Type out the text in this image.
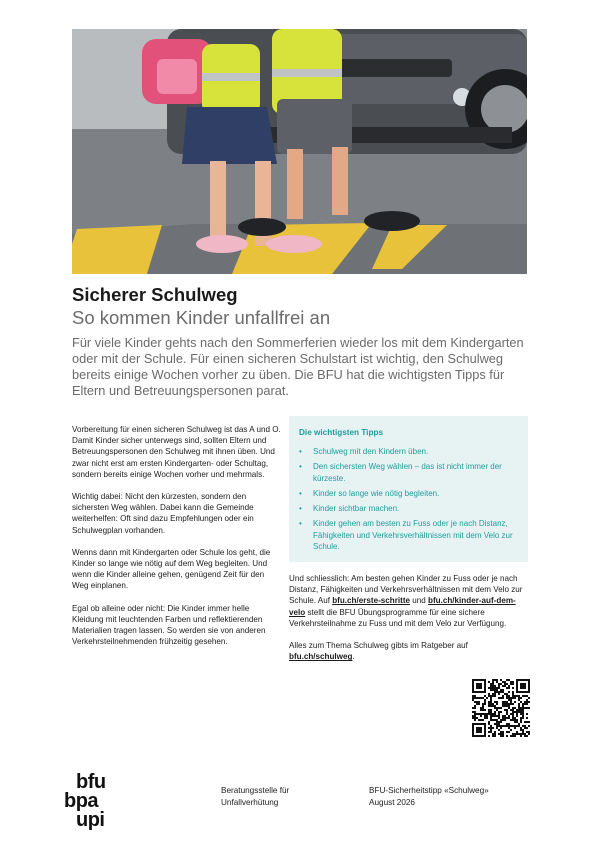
Sicherer Schulweg
So kommen Kinder unfallfrei an

Für viele Kinder gehts nach den Sommerferien wieder los mit dem Kindergarten oder mit der Schule. Für einen sicheren Schulstart ist wichtig, den Schulweg bereits einige Wochen vorher zu üben. Die BFU hat die wichtigsten Tipps für Eltern und Betreuungspersonen parat.

Vorbereitung für einen sicheren Schulweg ist das A und O. Damit Kinder sicher unterwegs sind, sollten Eltern und Betreuungspersonen den Schulweg mit ihnen üben. Und zwar nicht erst am ersten Kindergarten- oder Schultag, sondern bereits einige Wochen vorher und mehrmals.

Wichtig dabei: Nicht den kürzesten, sondern den sichersten Weg wählen. Dabei kann die Gemeinde weiterhelfen: Oft sind dazu Empfehlungen oder ein Schulwegplan vorhanden.

Wenns dann mit Kindergarten oder Schule los geht, die Kinder so lange wie nötig auf dem Weg begleiten. Und wenn die Kinder alleine gehen, genügend Zeit für den Weg einplanen.

Egal ob alleine oder nicht: Die Kinder immer helle Kleidung mit leuchtenden Farben und reflektierenden Materialien tragen lassen. So werden sie von anderen Verkehrsteilnehmenden frühzeitig gesehen.

Die wichtigsten Tipps
• Schulweg mit den Kindern üben.
• Den sichersten Weg wählen – das ist nicht immer der kürzeste.
• Kinder so lange wie nötig begleiten.
• Kinder sichtbar machen.
• Kinder gehen am besten zu Fuss oder je nach Distanz, Fähigkeiten und Verkehrsverhältnissen mit dem Velo zur Schule.

Und schliesslich: Am besten gehen Kinder zu Fuss oder je nach Distanz, Fähigkeiten und Verkehrsverhältnissen mit dem Velo zur Schule. Auf bfu.ch/erste-schritte und bfu.ch/kinder-auf-dem-velo stellt die BFU Übungsprogramme für eine sichere Verkehrsteilnahme zu Fuss und mit dem Velo zur Verfügung.

Alles zum Thema Schulweg gibts im Ratgeber auf bfu.ch/schulweg.

bfu
bpa
upi
Beratungsstelle für
Unfallverhütung
BFU-Sicherheitstipp «Schulweg»
August 2026
